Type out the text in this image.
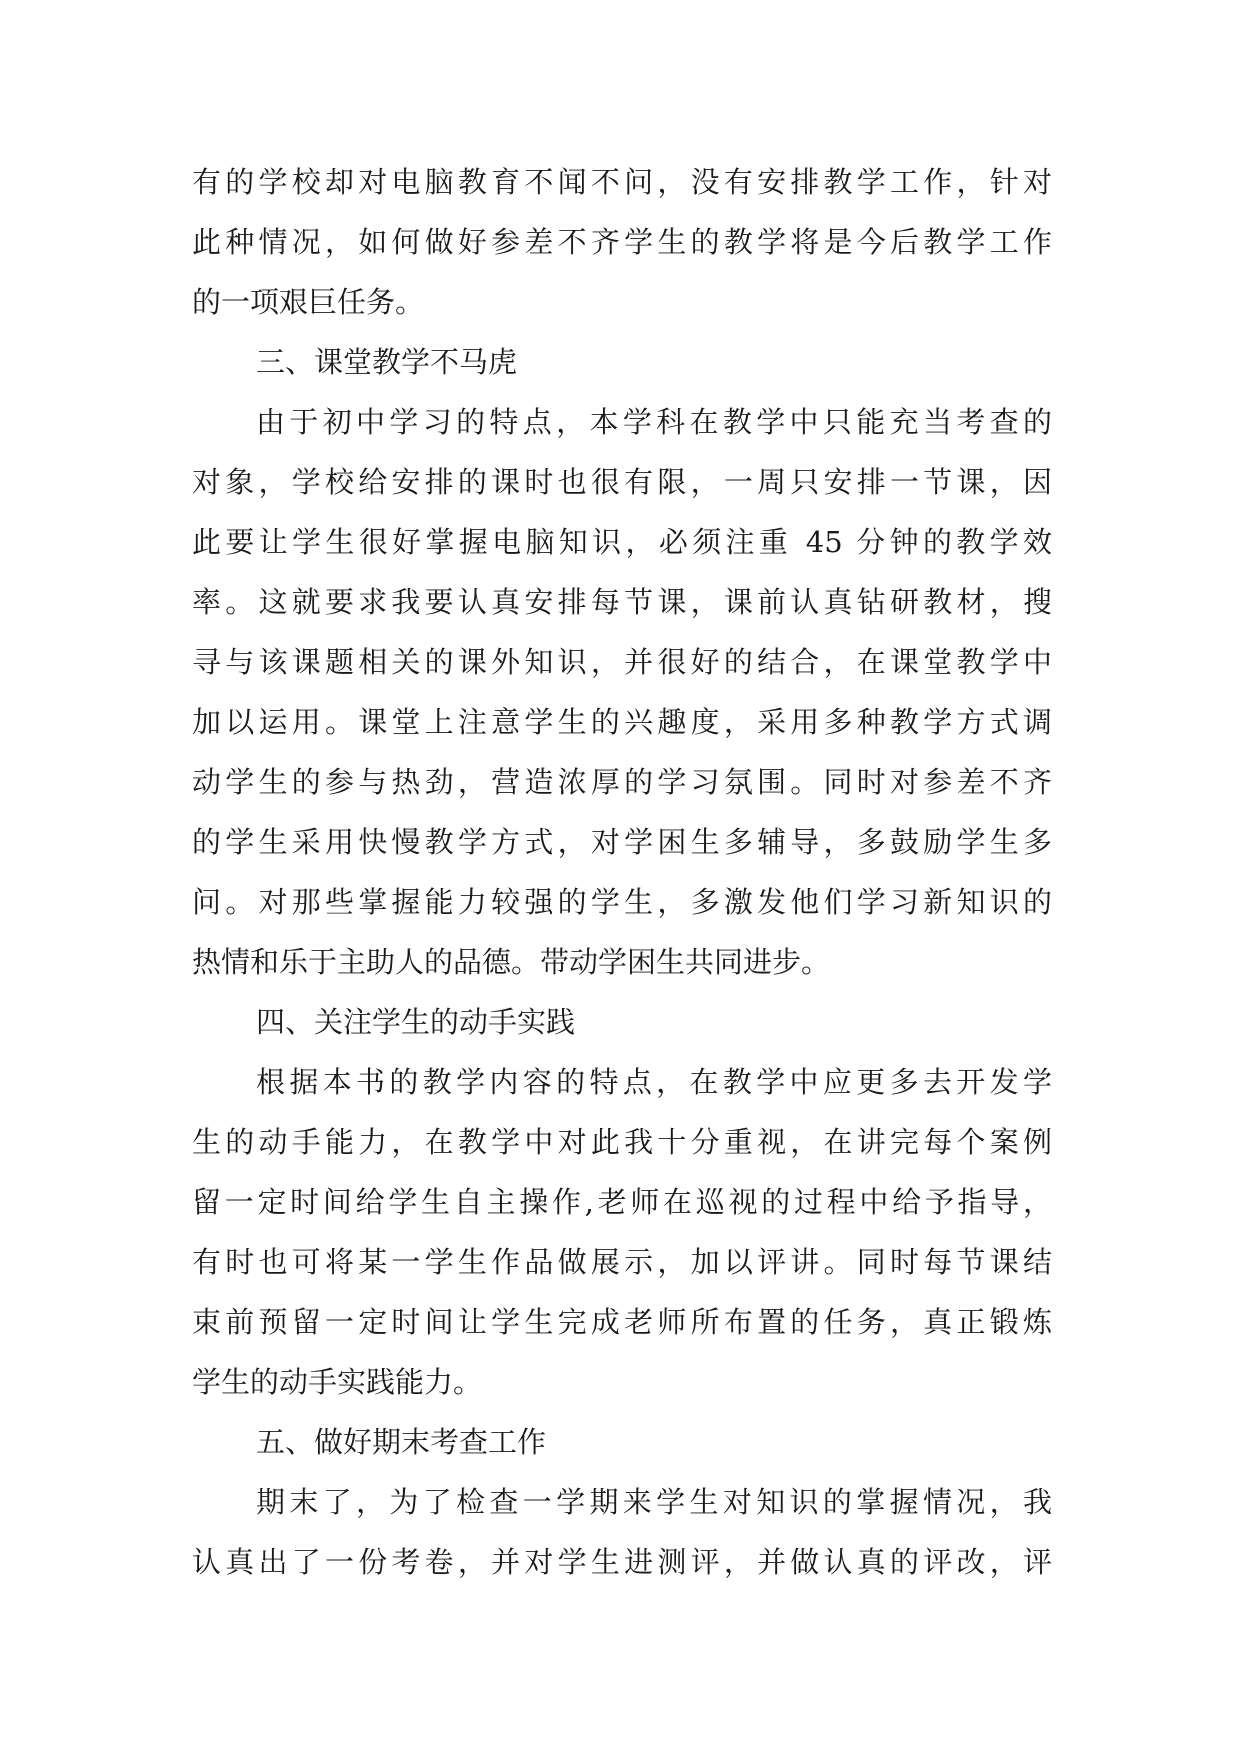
有的学校却对电脑教育不闻不问，没有安排教学工作，针对
此种情况，如何做好参差不齐学生的教学将是今后教学工作
的一项艰巨任务。
三、课堂教学不马虎
由于初中学习的特点，本学科在教学中只能充当考查的
对象，学校给安排的课时也很有限，一周只安排一节课，因
此要让学生很好掌握电脑知识，必须注重 45 分钟的教学效
率。这就要求我要认真安排每节课，课前认真钻研教材，搜
寻与该课题相关的课外知识，并很好的结合，在课堂教学中
加以运用。课堂上注意学生的兴趣度，采用多种教学方式调
动学生的参与热劲，营造浓厚的学习氛围。同时对参差不齐
的学生采用快慢教学方式，对学困生多辅导，多鼓励学生多
问。对那些掌握能力较强的学生，多激发他们学习新知识的
热情和乐于主助人的品德。带动学困生共同进步。
四、关注学生的动手实践
根据本书的教学内容的特点，在教学中应更多去开发学
生的动手能力，在教学中对此我十分重视，在讲完每个案例
留一定时间给学生自主操作,老师在巡视的过程中给予指导，
有时也可将某一学生作品做展示，加以评讲。同时每节课结
束前预留一定时间让学生完成老师所布置的任务，真正锻炼
学生的动手实践能力。
五、做好期末考查工作
期末了，为了检查一学期来学生对知识的掌握情况，我
认真出了一份考卷，并对学生进测评，并做认真的评改，评
